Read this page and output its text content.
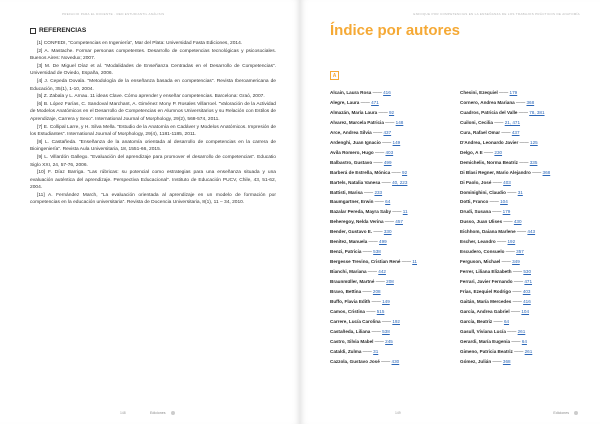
PREFACIO PARA EL DOCENTE · RED ESTUDIANTIL ANÁLISIS
REFERENCIAS

[1] CONFEDI, “Competencias en Ingeniería”, Mar del Plata: Universidad Fasta Ediciones, 2014.

[2] A. Mastache. Formar personas competentes. Desarrollo de competencias tecnológicas y psicosociales. Buenos Aires: Novedux; 2007.

[3] M. De Miguel Díaz et al. “Modalidades de Enseñanza Centradas en el Desarrollo de Competencias”. Universidad de Oviedo, España, 2006.

[4] J. Cepeda Dovala. “Metodología de la enseñanza basada en competencias”. Revista Iberoamericana de Educación, 35(1), 1-10, 2004.

[5] Z. Zabala y L. Arnau. 11 ideas Clave. Cómo aprender y enseñar competencias. Barcelona: Graó, 2007.

[6] B. López Farías, C. Sandoval Marchant, A. Giménez Mony P. Rosales Villarroel. “Valoración de la Actividad de Modelos Anatómicos en el Desarrollo de Competencias en Alumnos Universitarios y su Relación con Estilos de Aprendizaje, Carrera y Sexo”. International Journal of Morphology, 29(2), 568-574, 2011.

[7] E. Collipal Larre, y H. Silva Mella. “Estudio de la Anatomía en Cadáver y Modelos Anatómicos. Impresión de los Estudiantes”. International Journal of Morphology, 29(4), 1181-1185, 2011.

[8] L. Castañeda. “Enseñanza de la anatomía orientada al desarrollo de competencias en la carrera de Bioingeniería”. Revista Aula Universitaria, 18, 1551-66, 2015.

[9] L. Villardón Gallego. “Evaluación del aprendizaje para promover el desarrollo de competencias”. Educatio Siglo XXI, 24, 57-76, 2006.

[10] F. Díaz Barriga. “Las rúbricas: su potencial como estrategias para una enseñanza situada y una evaluación auténtica del aprendizaje. Perspectiva Educacional”. Instituto de Educación PUCV, Chile, 43, 51-62, 2004.

[11] A. Fernández March, “La evaluación orientada al aprendizaje en un modelo de formación por competencias en la educación universitaria”. Revista de Docencia Universitaria, 8(1), 11 – 34, 2010.

148	Ediciones
ENFOQUE POR COMPETENCIAS EN LA ENSEÑANZA DE LOS TRABAJOS PRÁCTICOS DE ANATOMÍA
Índice por autores
A
Alcain, Laura Rosa —— 416
Alegre, Laura —— 471
Almazán, María Laura —— 92
Alvarez, Marcela Patricia —— 148
Arce, Andrea Silvia —— 437
Ardenghi, Juan Ignacio —— 149
Avila Romero, Hugo —— 403
Balbastro, Gustavo —— 499
Barberá de Estrella, Mónica —— 92
Bartels, Natalia Vanesa —— 40, 223
Battisti, Marisa —— 233
Baumgartner, Erwin —— 64
Bazalar Pereda, Mayra Saby —— 11
Beheregoy, Nelda Verina —— 457
Bender, Gustavo E. —— 330
Benítez, Manuela —— 499
Benzi, Patricia —— 538
Bergesse Trevino, Cristian René —— 11
Bianchi, Mariana —— 442
Braunmüller, Martné —— 208
Bravo, Bettina —— 208
Buffo, Flavia Edith —— 149
Camos, Cristina —— 515
Carrere, Lucía Carolina —— 192
Castañeda, Liliana —— 538
Castro, Silvia Mabel —— 245
Cataldi, Zulma —— 31
Cazzola, Gustavo José —— 430
Chesini, Ezequiel —— 179
Cornero, Andrea Mariana —— 368
Cuadros, Patricia del Valle —— 78, 381
Cuiloni, Cecilia —— 21, 471
Cura, Rafael Omar —— 437
D'Andrea, Leonardo Javier —— 125
Delgo, A E —— 230
Demichelis, Norma Beatriz —— 335
Di Blasi Regner, Mario Alejandro —— 368
Di Paolo, José —— 403
Dominighini, Claudio —— 31
Dotti, Franco —— 104
Drudi, Susana —— 179
Dusso, Juan Ulises —— 430
Eichhom, Daiana Marlene —— 443
Escher, Leandro —— 192
Escudero, Consuelo —— 357
Ferguson, Michael —— 349
Ferrer, Liliana Elizabeth —— 530
Ferrari, Javier Fernando —— 471
Frías, Ezequiel Rodrigo —— 403
Gaitán, María Mercedes —— 416
García, Andrea Gabriel —— 104
García, Beatriz —— 64
Gasull, Viviana Lucía —— 261
Gerardi, María Eugenia —— 64
Gimeno, Patricia Beatriz —— 261
Gómez, Julián —— 368
149	Ediciones
